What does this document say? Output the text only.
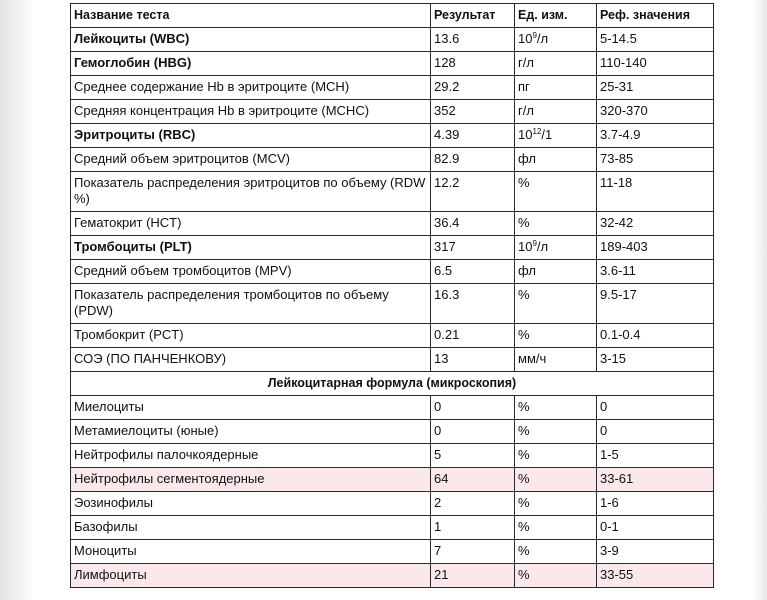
Название теста	Результат	Ед. изм.	Реф. значения
Лейкоциты (WBC)	13.6	$10^9/л$	5-14.5
Гемоглобин (HBG)	128	г/л	110-140
Среднее содержание Hb в эритроците (MCH)	29.2	пг	25-31
Средняя концентрация Hb в эритроците (MCHC)	352	г/л	320-370
Эритроциты (RBC)	4.39	$10^{12}/1$	3.7-4.9
Средний объем эритроцитов (MCV)	82.9	фл	73-85
Показатель распределения эритроцитов по объему (RDW %)	12.2	%	11-18
Гематокрит (HCT)	36.4	%	32-42
Тромбоциты (PLT)	317	$10^9/л$	189-403
Средний объем тромбоцитов (MPV)	6.5	фл	3.6-11
Показатель распределения тромбоцитов по объему (PDW)	16.3	%	9.5-17
Тромбокрит (PCT)	0.21	%	0.1-0.4
СОЭ (ПО ПАНЧЕНКОВУ)	13	мм/ч	3-15
Лейкоцитарная формула (микроскопия)			
Миелоциты	0	%	0
Метамиелоциты (юные)	0	%	0
Нейтрофилы палочкоядерные	5	%	1-5
Нейтрофилы сегментоядерные	64	%	33-61
Эозинофилы	2	%	1-6
Базофилы	1	%	0-1
Моноциты	7	%	3-9
Лимфоциты	21	%	33-55
